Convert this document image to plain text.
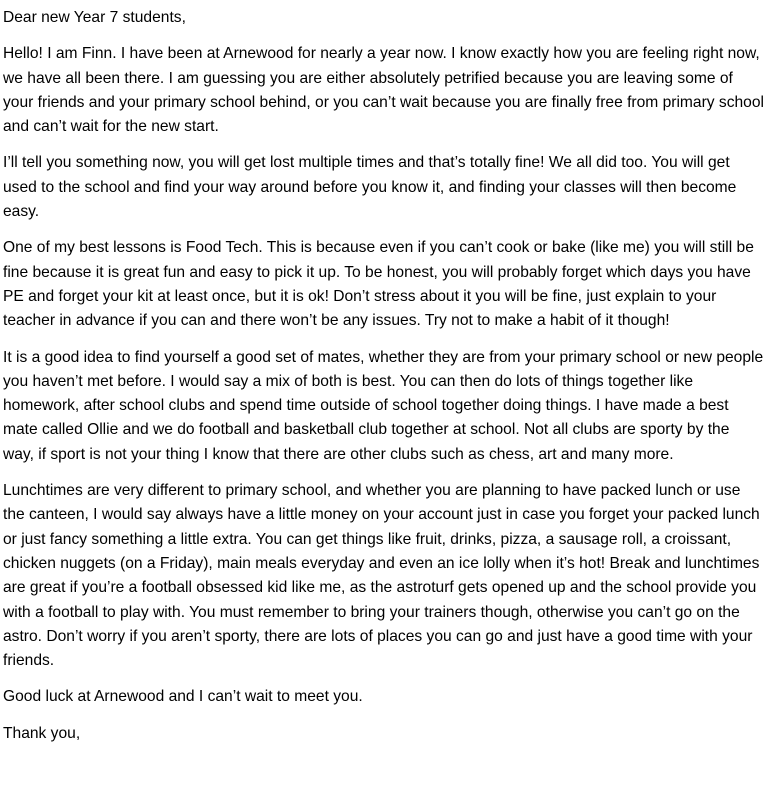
Dear new Year 7 students,

Hello! I am Finn. I have been at Arnewood for nearly a year now. I know exactly how you are feeling right now, we have all been there. I am guessing you are either absolutely petrified because you are leaving some of your friends and your primary school behind, or you can’t wait because you are finally free from primary school and can’t wait for the new start.

I’ll tell you something now, you will get lost multiple times and that’s totally fine! We all did too. You will get used to the school and find your way around before you know it, and finding your classes will then become easy.

One of my best lessons is Food Tech. This is because even if you can’t cook or bake (like me) you will still be fine because it is great fun and easy to pick it up. To be honest, you will probably forget which days you have PE and forget your kit at least once, but it is ok! Don’t stress about it you will be fine, just explain to your teacher in advance if you can and there won’t be any issues. Try not to make a habit of it though!

It is a good idea to find yourself a good set of mates, whether they are from your primary school or new people you haven’t met before. I would say a mix of both is best. You can then do lots of things together like homework, after school clubs and spend time outside of school together doing things. I have made a best mate called Ollie and we do football and basketball club together at school. Not all clubs are sporty by the way, if sport is not your thing I know that there are other clubs such as chess, art and many more.

Lunchtimes are very different to primary school, and whether you are planning to have packed lunch or use the canteen, I would say always have a little money on your account just in case you forget your packed lunch or just fancy something a little extra. You can get things like fruit, drinks, pizza, a sausage roll, a croissant, chicken nuggets (on a Friday), main meals everyday and even an ice lolly when it’s hot! Break and lunchtimes are great if you’re a football obsessed kid like me, as the astroturf gets opened up and the school provide you with a football to play with. You must remember to bring your trainers though, otherwise you can’t go on the astro. Don’t worry if you aren’t sporty, there are lots of places you can go and just have a good time with your friends.

Good luck at Arnewood and I can’t wait to meet you.

Thank you,
